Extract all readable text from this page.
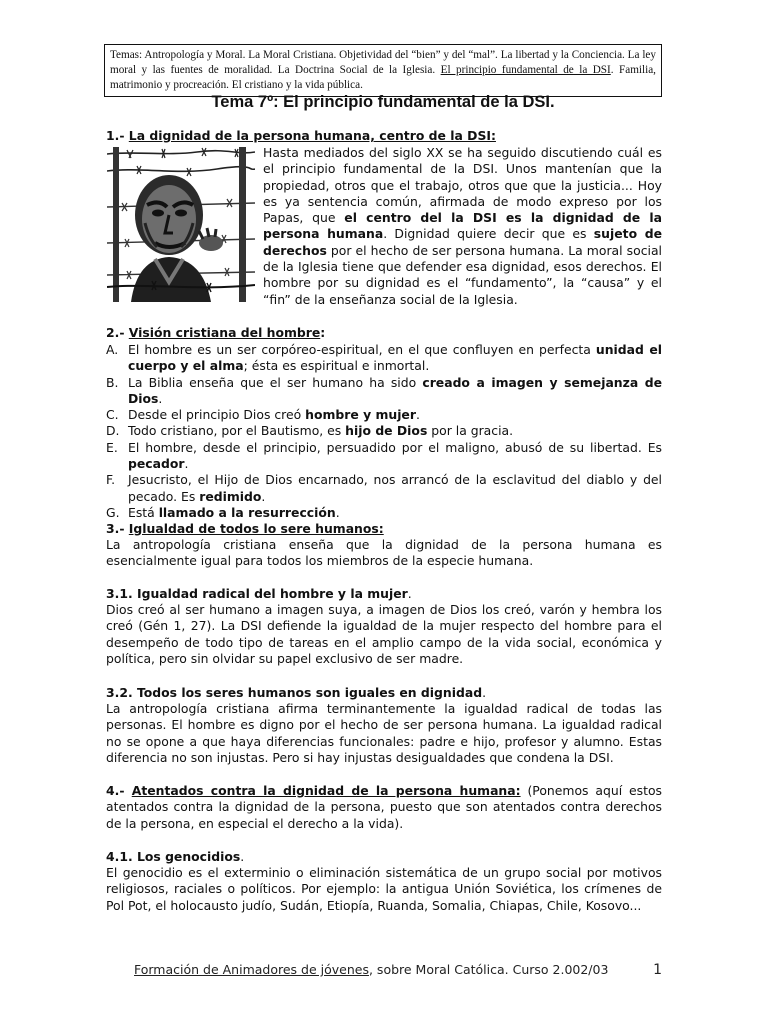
Temas: Antropología y Moral. La Moral Cristiana. Objetividad del “bien” y del “mal”. La libertad y la Conciencia. La ley moral y las fuentes de moralidad. La Doctrina Social de la Iglesia. El principio fundamental de la DSI. Familia, matrimonio y procreación. El cristiano y la vida pública.
Tema 7º: El principio fundamental de la DSI.
1.- La dignidad de la persona humana, centro de la DSI:

Hasta mediados del siglo XX se ha seguido discutiendo cuál es el principio fundamental de la DSI. Unos mantenían que la propiedad, otros que el trabajo, otros que que la justicia... Hoy es ya sentencia común, afirmada de modo expreso por los Papas, que el centro del la DSI es la dignidad de la persona humana. Dignidad quiere decir que es sujeto de derechos por el hecho de ser persona humana. La moral social de la Iglesia tiene que defender esa dignidad, esos derechos. El hombre por su dignidad es el “fundamento”, la “causa” y el “fin” de la enseñanza social de la Iglesia.

2.- Visión cristiana del hombre:
A. El hombre es un ser corpóreo-espiritual, en el que confluyen en perfecta unidad el cuerpo y el alma; ésta es espiritual e inmortal.
B. La Biblia enseña que el ser humano ha sido creado a imagen y semejanza de Dios.
C. Desde el principio Dios creó hombre y mujer.
D. Todo cristiano, por el Bautismo, es hijo de Dios por la gracia.
E. El hombre, desde el principio, persuadido por el maligno, abusó de su libertad. Es pecador.
F.	Jesucristo, el Hijo de Dios encarnado, nos arrancó de la esclavitud del diablo y del pecado. Es redimido.
G. Está llamado a la resurrección.
3.- Iglualdad de todos lo sere humanos:

La antropología cristiana enseña que la dignidad de la persona humana es esencialmente igual para todos los miembros de la especie humana.

3.1. Igualdad radical del hombre y la mujer.

Dios creó al ser humano a imagen suya, a imagen de Dios los creó, varón y hembra los creó (Gén 1, 27). La DSI defiende la igualdad de la mujer respecto del hombre para el desempeño de todo tipo de tareas en el amplio campo de la vida social, económica y política, pero sin olvidar su papel exclusivo de ser madre.

3.2. Todos los seres humanos son iguales en dignidad.

La antropología cristiana afirma terminantemente la igualdad radical de todas las personas. El hombre es digno por el hecho de ser persona humana. La igualdad radical no se opone a que haya diferencias funcionales: padre e hijo, profesor y alumno. Estas diferencia no son injustas. Pero si hay injustas desigualdades que condena la DSI.

4.- Atentados contra la dignidad de la persona humana: (Ponemos aquí estos atentados contra la dignidad de la persona, puesto que son atentados contra derechos de la persona, en especial el derecho a la vida).

4.1. Los genocidios.

El genocidio es el exterminio o eliminación sistemática de un grupo social por motivos religiosos, raciales o políticos. Por ejemplo: la antigua Unión Soviética, los crímenes de Pol Pot, el holocausto judío, Sudán, Etiopía, Ruanda, Somalia, Chiapas, Chile, Kosovo...

Formación de Animadores de jóvenes, sobre Moral Católica. Curso 2.002/03	1
